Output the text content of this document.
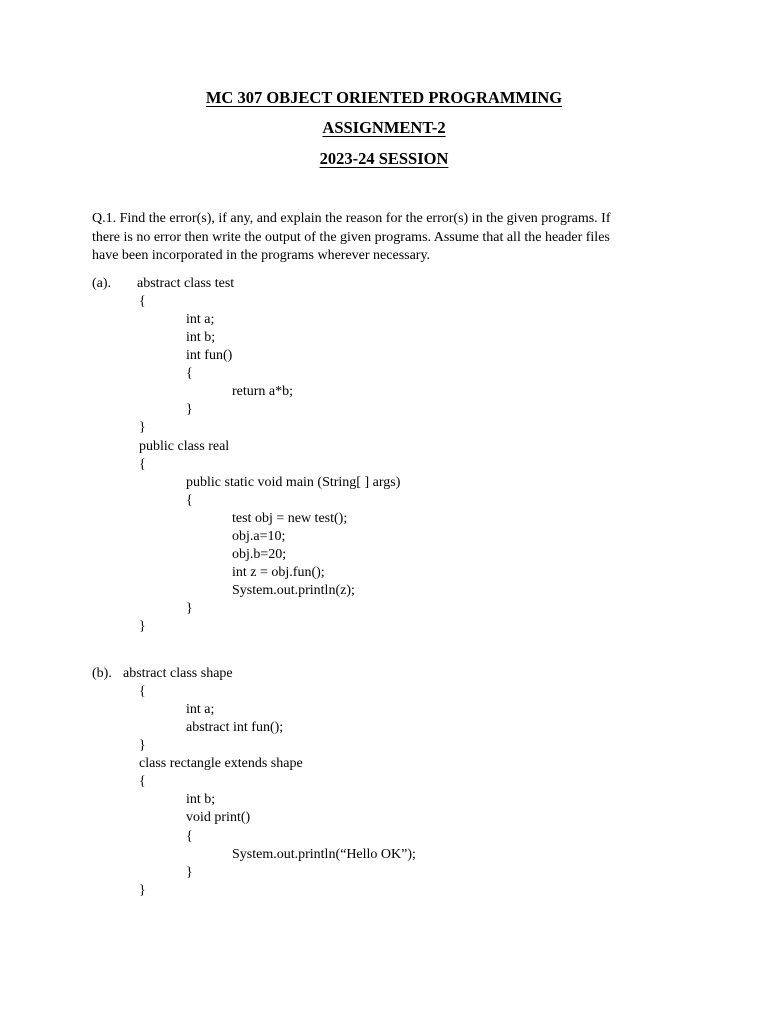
MC 307 OBJECT ORIENTED PROGRAMMING
ASSIGNMENT-2
2023-24 SESSION
Q.1. Find the error(s), if any, and explain the reason for the error(s) in the given programs. If
there is no error then write the output of the given programs. Assume that all the header files
have been incorporated in the programs wherever necessary.
(a). abstract class test
{
int a;
int b;
int fun()
{
return a*b;
}
}
public class real
{
public static void main (String[ ] args)
{
test obj = new test();
obj.a=10;
obj.b=20;
int z = obj.fun();
System.out.println(z);
}
}
(b). abstract class shape
{
int a;
abstract int fun();
}
class rectangle extends shape
{
int b;
void print()
{
System.out.println(“Hello OK”);
}
}
